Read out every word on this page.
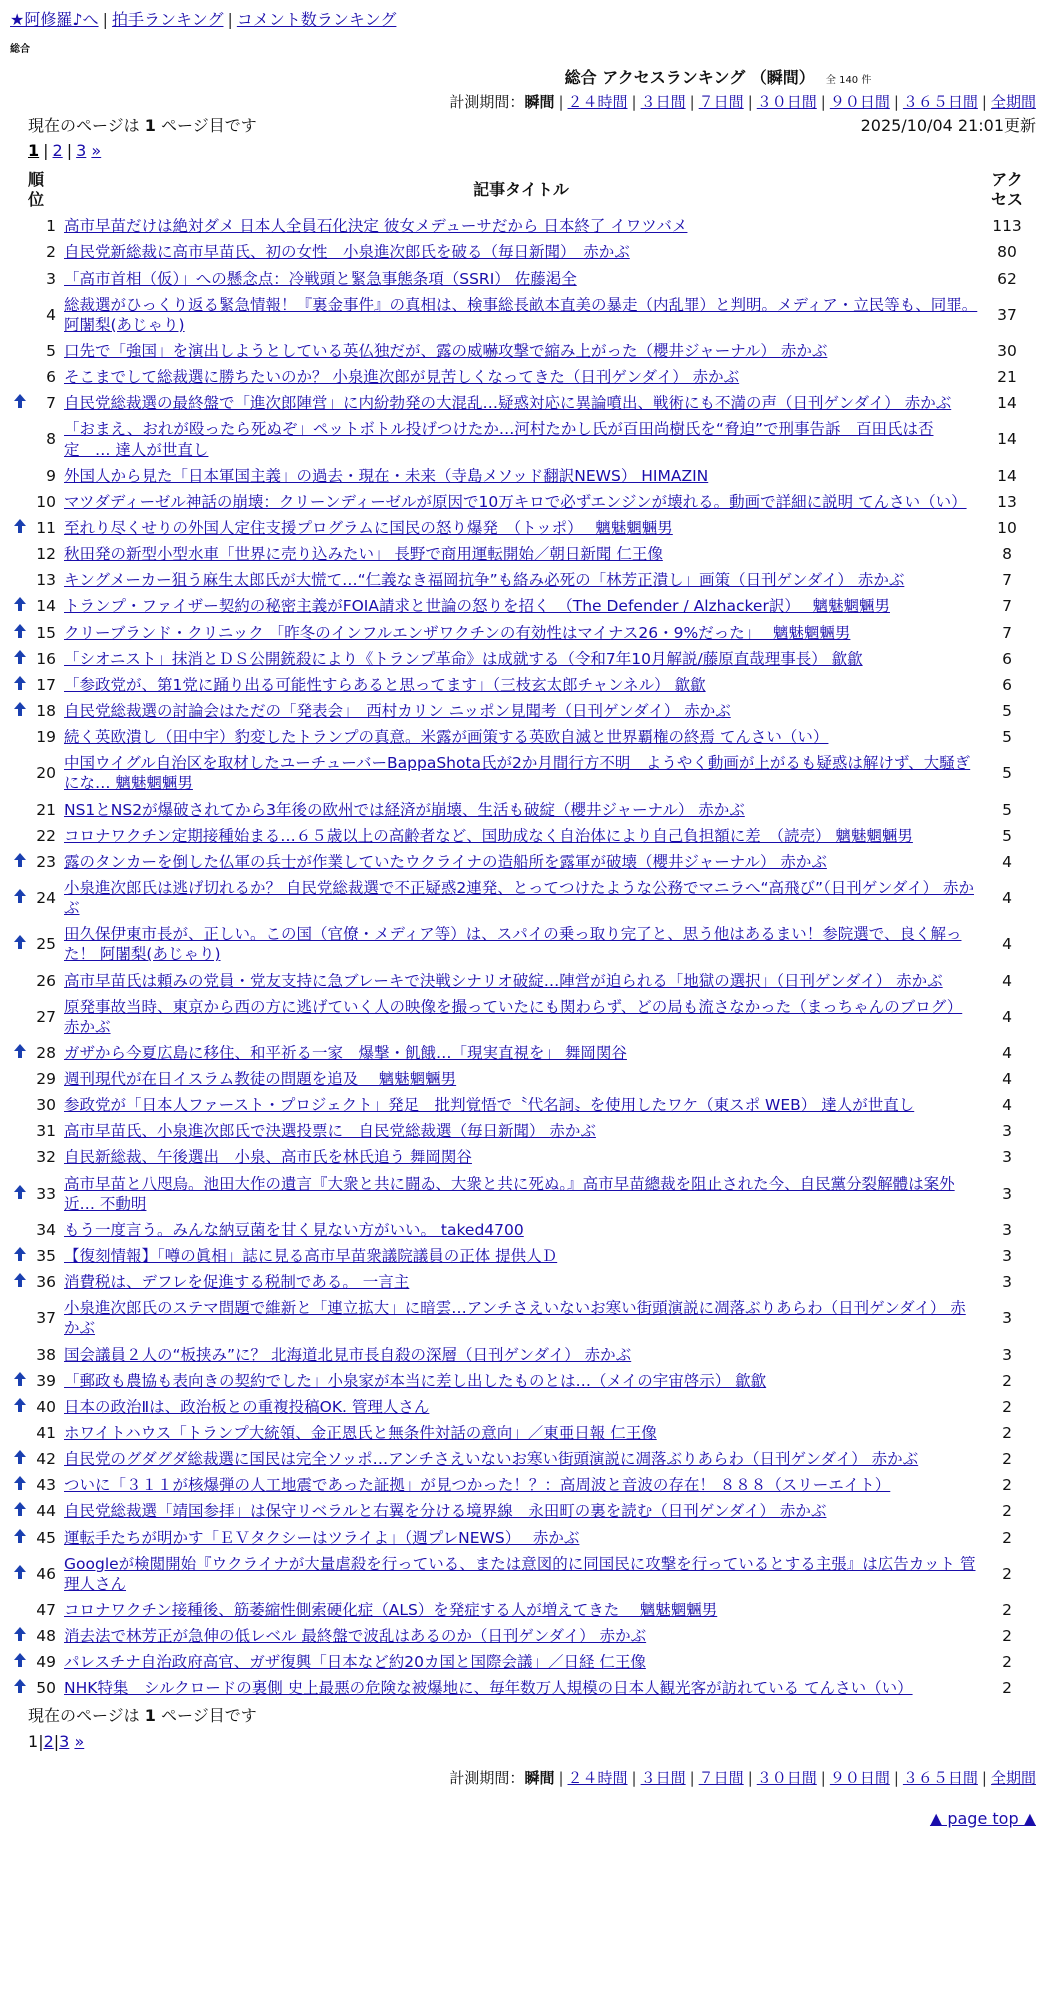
★阿修羅♪へ | 拍手ランキング | コメント数ランキング
総合
総合 アクセスランキング （瞬間） 全 140 件
計測期間：瞬間 | ２４時間 | ３日間 | ７日間 | ３０日間 | ９０日間 | ３６５日間 | 全期間
現在のページは 1 ページ目です	2025/10/04 21:01更新
1 | 2 | 3 »
順位		記事タイトル	アクセス
	1	高市早苗だけは絶対ダメ 日本人全員石化決定 彼女メデューサだから 日本終了 イワツバメ	113
	2	自民党新総裁に高市早苗氏、初の女性　小泉進次郎氏を破る（毎日新聞）　赤かぶ	80
	3	「高市首相（仮）」への懸念点：冷戦頭と緊急事態条項（SSRI） 佐藤渇全	62
	4	総裁選がひっくり返る緊急情報！『裏金事件』の真相は、検事総長畝本直美の暴走（内乱罪）と判明。メディア・立民等も、同罪。 阿闍梨(あじゃり)	37
	5	口先で「強国」を演出しようとしている英仏独だが、露の威嚇攻撃で縮み上がった（櫻井ジャーナル） 赤かぶ	30
	6	そこまでして総裁選に勝ちたいのか？ 小泉進次郎が見苦しくなってきた（日刊ゲンダイ） 赤かぶ	21
	7	自民党総裁選の最終盤で「進次郎陣営」に内紛勃発の大混乱…疑惑対応に異論噴出、戦術にも不満の声（日刊ゲンダイ） 赤かぶ	14
	8	「おまえ、おれが殴ったら死ぬぞ」ペットボトル投げつけたか…河村たかし氏が百田尚樹氏を“脅迫”で刑事告訴　百田氏は否定　… 達人が世直し	14
	9	外国人から見た「日本軍国主義」の過去・現在・未来（寺島メソッド翻訳NEWS） HIMAZIN	14
	10	マツダディーゼル神話の崩壊：クリーンディーゼルが原因で10万キロで必ずエンジンが壊れる。動画で詳細に説明 てんさい（い）	13
	11	至れり尽くせりの外国人定住支援プログラムに国民の怒り爆発　（トッポ）　 魑魅魍魎男	10
	12	秋田発の新型小型水車「世界に売り込みたい」 長野で商用運転開始／朝日新聞 仁王像	8
	13	キングメーカー狙う麻生太郎氏が大慌て…“仁義なき福岡抗争”も絡み必死の「林芳正潰し」画策（日刊ゲンダイ） 赤かぶ	7
	14	トランプ・ファイザー契約の秘密主義がFOIA請求と世論の怒りを招く　（The Defender / Alzhacker訳）　 魑魅魍魎男	7
	15	クリーブランド・クリニック 「昨冬のインフルエンザワクチンの有効性はマイナス26・9%だった」　 魑魅魍魎男	7
	16	「シオニスト」抹消とＤＳ公開銃殺により《トランプ革命》は成就する（令和7年10月解説/藤原直哉理事長） 歙歙	6
	17	「参政党が、第1党に踊り出る可能性すらあると思ってます」（三枝玄太郎チャンネル） 歙歙	6
	18	自民党総裁選の討論会はただの「発表会」　西村カリン ニッポン見聞考（日刊ゲンダイ） 赤かぶ	5
	19	続く英欧潰し（田中宇）豹変したトランプの真意。米露が画策する英欧自滅と世界覇権の終焉 てんさい（い）	5
	20	中国ウイグル自治区を取材したユーチューバーBappaShota氏が2か月間行方不明　ようやく動画が上がるも疑惑は解けず、大騒ぎにな… 魑魅魍魎男	5
	21	NS1とNS2が爆破されてから3年後の欧州では経済が崩壊、生活も破綻（櫻井ジャーナル） 赤かぶ	5
	22	コロナワクチン定期接種始まる…６５歳以上の高齢者など、国助成なく自治体により自己負担額に差　（読売） 魑魅魍魎男	5
	23	露のタンカーを倒した仏軍の兵士が作業していたウクライナの造船所を露軍が破壊（櫻井ジャーナル） 赤かぶ	4
	24	小泉進次郎氏は逃げ切れるか？ 自民党総裁選で不正疑惑2連発、とってつけたような公務でマニラへ“高飛び”（日刊ゲンダイ） 赤かぶ	4
	25	田久保伊東市長が、正しい。この国（官僚・メディア等）は、スパイの乗っ取り完了と、思う他はあるまい！参院選で、良く解った！ 阿闍梨(あじゃり)	4
	26	高市早苗氏は頼みの党員・党友支持に急ブレーキで決戦シナリオ破綻…陣営が迫られる「地獄の選択」（日刊ゲンダイ） 赤かぶ	4
	27	原発事故当時、東京から西の方に逃げていく人の映像を撮っていたにも関わらず、どの局も流さなかった（まっちゃんのブログ） 赤かぶ	4
	28	ガザから今夏広島に移住、和平祈る一家　爆撃・飢餓…「現実直視を」 舞岡関谷	4
	29	週刊現代が在日イスラム教徒の問題を追及　 魑魅魍魎男	4
	30	参政党が「日本人ファースト・プロジェクト」発足　批判覚悟で〝代名詞〟を使用したワケ（東スポ WEB） 達人が世直し	4
	31	高市早苗氏、小泉進次郎氏で決選投票に　自民党総裁選（毎日新聞） 赤かぶ	3
	32	自民新総裁、午後選出　小泉、高市氏を林氏追う 舞岡関谷	3
	33	高市早苗と八咫烏。池田大作の遺言『大衆と共に闘ゐ、大衆と共に死ぬ。』高市早苗總裁を阻止された今、自民黨分裂解體は案外近… 不動明	3
	34	もう一度言う。みんな納豆菌を甘く見ない方がいい。 taked4700	3
	35	【復刻情報】「噂の眞相」誌に見る高市早苗衆議院議員の正体 提供人Ｄ	3
	36	消費税は、デフレを促進する税制である。 一言主	3
	37	小泉進次郎氏のステマ問題で維新と「連立拡大」に暗雲…アンチさえいないお寒い街頭演説に凋落ぶりあらわ（日刊ゲンダイ） 赤かぶ	3
	38	国会議員２人の“板挟み”に？ 北海道北見市長自殺の深層（日刊ゲンダイ） 赤かぶ	3
	39	「郵政も農協も表向きの契約でした」小泉家が本当に差し出したものとは…（メイの宇宙啓示） 歙歙	2
	40	日本の政治Ⅱは、政治板との重複投稿OK. 管理人さん	2
	41	ホワイトハウス「トランプ大統領、金正恩氏と無条件対話の意向」／東亜日報 仁王像	2
	42	自民党のグダグダ総裁選に国民は完全ソッポ…アンチさえいないお寒い街頭演説に凋落ぶりあらわ（日刊ゲンダイ） 赤かぶ	2
	43	ついに「３１１が核爆弾の人工地震であった証拠」が見つかった！？：高周波と音波の存在！ ８８８（スリーエイト）	2
	44	自民党総裁選「靖国参拝」は保守リベラルと右翼を分ける境界線　永田町の裏を読む（日刊ゲンダイ） 赤かぶ	2
	45	運転手たちが明かす「ＥＶタクシーはツライよ」（週プレNEWS）　 赤かぶ	2
	46	Googleが検閲開始『ウクライナが大量虐殺を行っている、または意図的に同国民に攻撃を行っているとする主張』は広告カット 管理人さん	2
	47	コロナワクチン接種後、筋萎縮性側索硬化症（ALS）を発症する人が増えてきた　 魑魅魍魎男	2
	48	消去法で林芳正が急伸の低レベル 最終盤で波乱はあるのか（日刊ゲンダイ） 赤かぶ	2
	49	パレスチナ自治政府高官、ガザ復興「日本など約20カ国と国際会議」／日経 仁王像	2
	50	NHK特集　シルクロードの裏側 史上最悪の危険な被爆地に、毎年数万人規模の日本人観光客が訪れている てんさい（い）	2
現在のページは 1 ページ目です
1|2|3 »
計測期間：瞬間 | ２４時間 | ３日間 | ７日間 | ３０日間 | ９０日間 | ３６５日間 | 全期間
▲ page top ▲
